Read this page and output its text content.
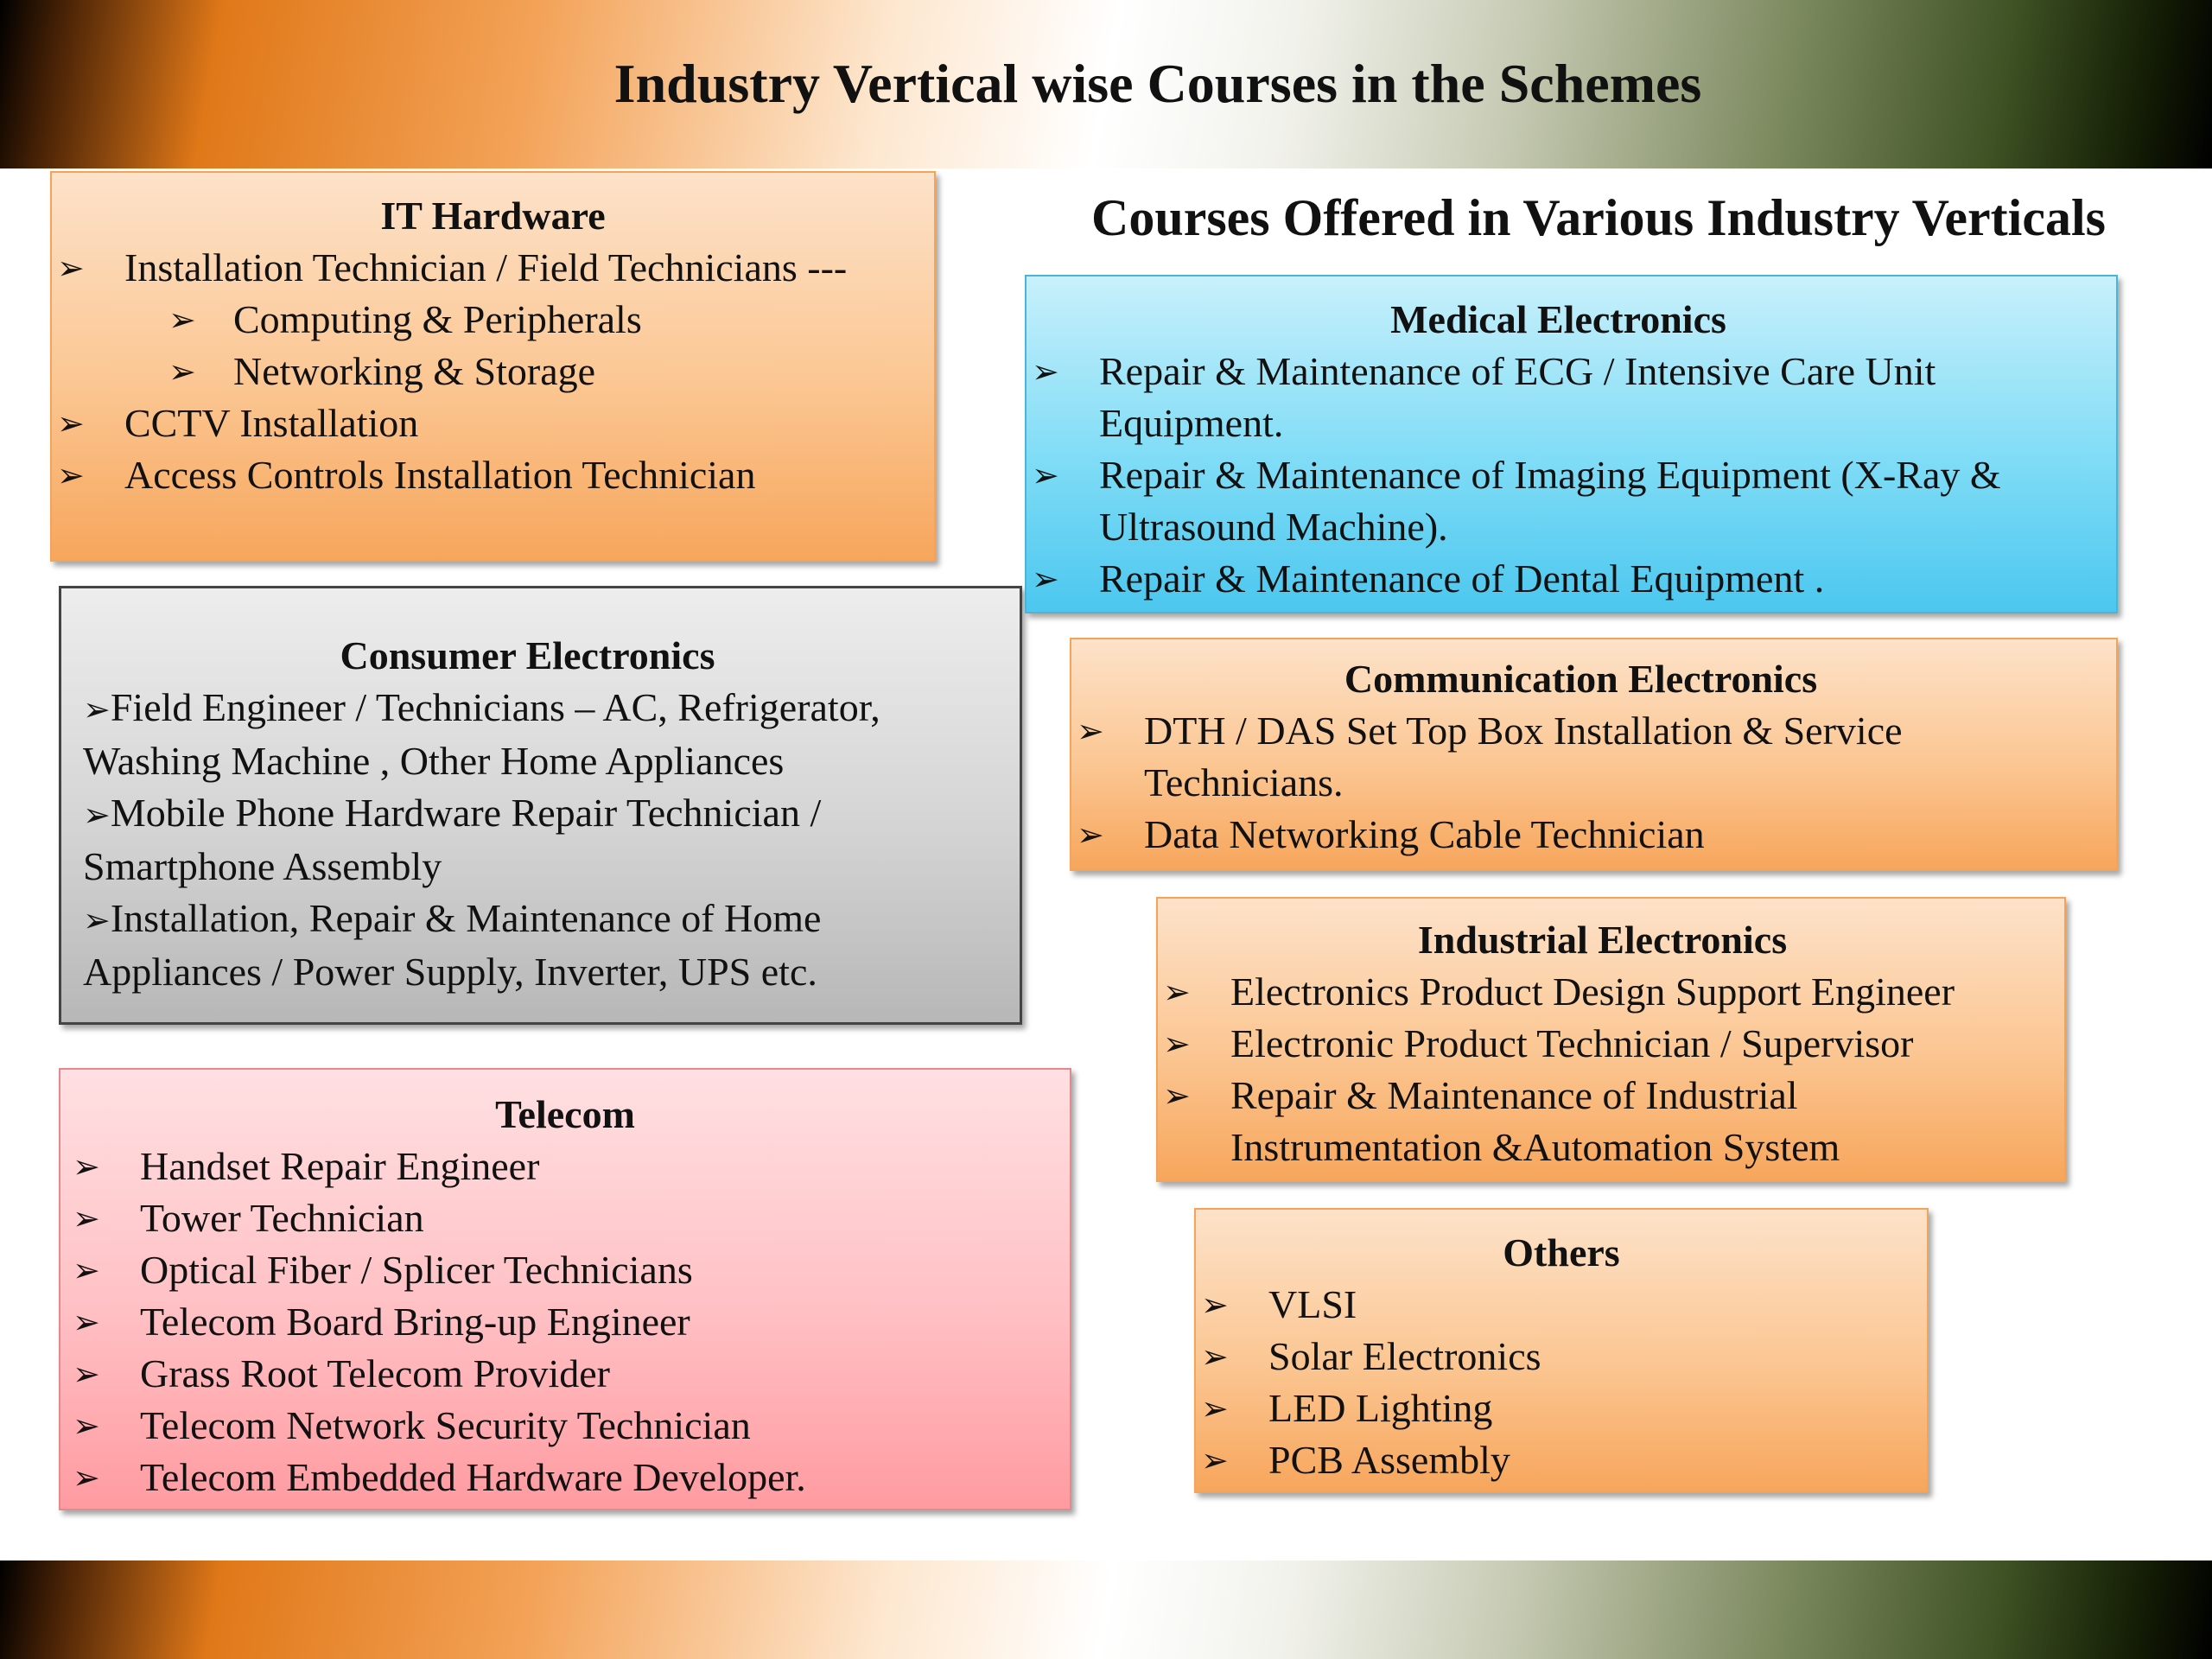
Industry Vertical wise Courses in the Schemes
Courses Offered in Various Industry Verticals
IT Hardware
➢ Installation Technician / Field Technicians ---
➢ Computing & Peripherals
➢ Networking & Storage
➢ CCTV Installation
➢ Access Controls Installation Technician
Consumer Electronics
➢Field Engineer / Technicians – AC, Refrigerator, Washing Machine , Other Home Appliances
➢Mobile Phone Hardware Repair Technician / Smartphone Assembly
➢Installation, Repair & Maintenance of Home Appliances / Power Supply, Inverter, UPS etc.
Telecom
➢ Handset Repair Engineer
➢ Tower Technician
➢ Optical Fiber / Splicer Technicians
➢ Telecom Board Bring-up Engineer
➢ Grass Root Telecom Provider
➢ Telecom Network Security Technician
➢ Telecom Embedded Hardware Developer.
Medical Electronics
➢ Repair & Maintenance of ECG / Intensive Care Unit Equipment.
➢ Repair & Maintenance of Imaging Equipment (X-Ray & Ultrasound Machine).
➢ Repair & Maintenance of Dental Equipment .
Communication Electronics
➢ DTH / DAS Set Top Box Installation & Service Technicians.
➢ Data Networking Cable Technician
Industrial Electronics
➢ Electronics Product Design Support Engineer
➢ Electronic Product Technician / Supervisor
➢ Repair & Maintenance of Industrial Instrumentation &Automation System
Others
➢ VLSI
➢ Solar Electronics
➢ LED Lighting
➢ PCB Assembly
